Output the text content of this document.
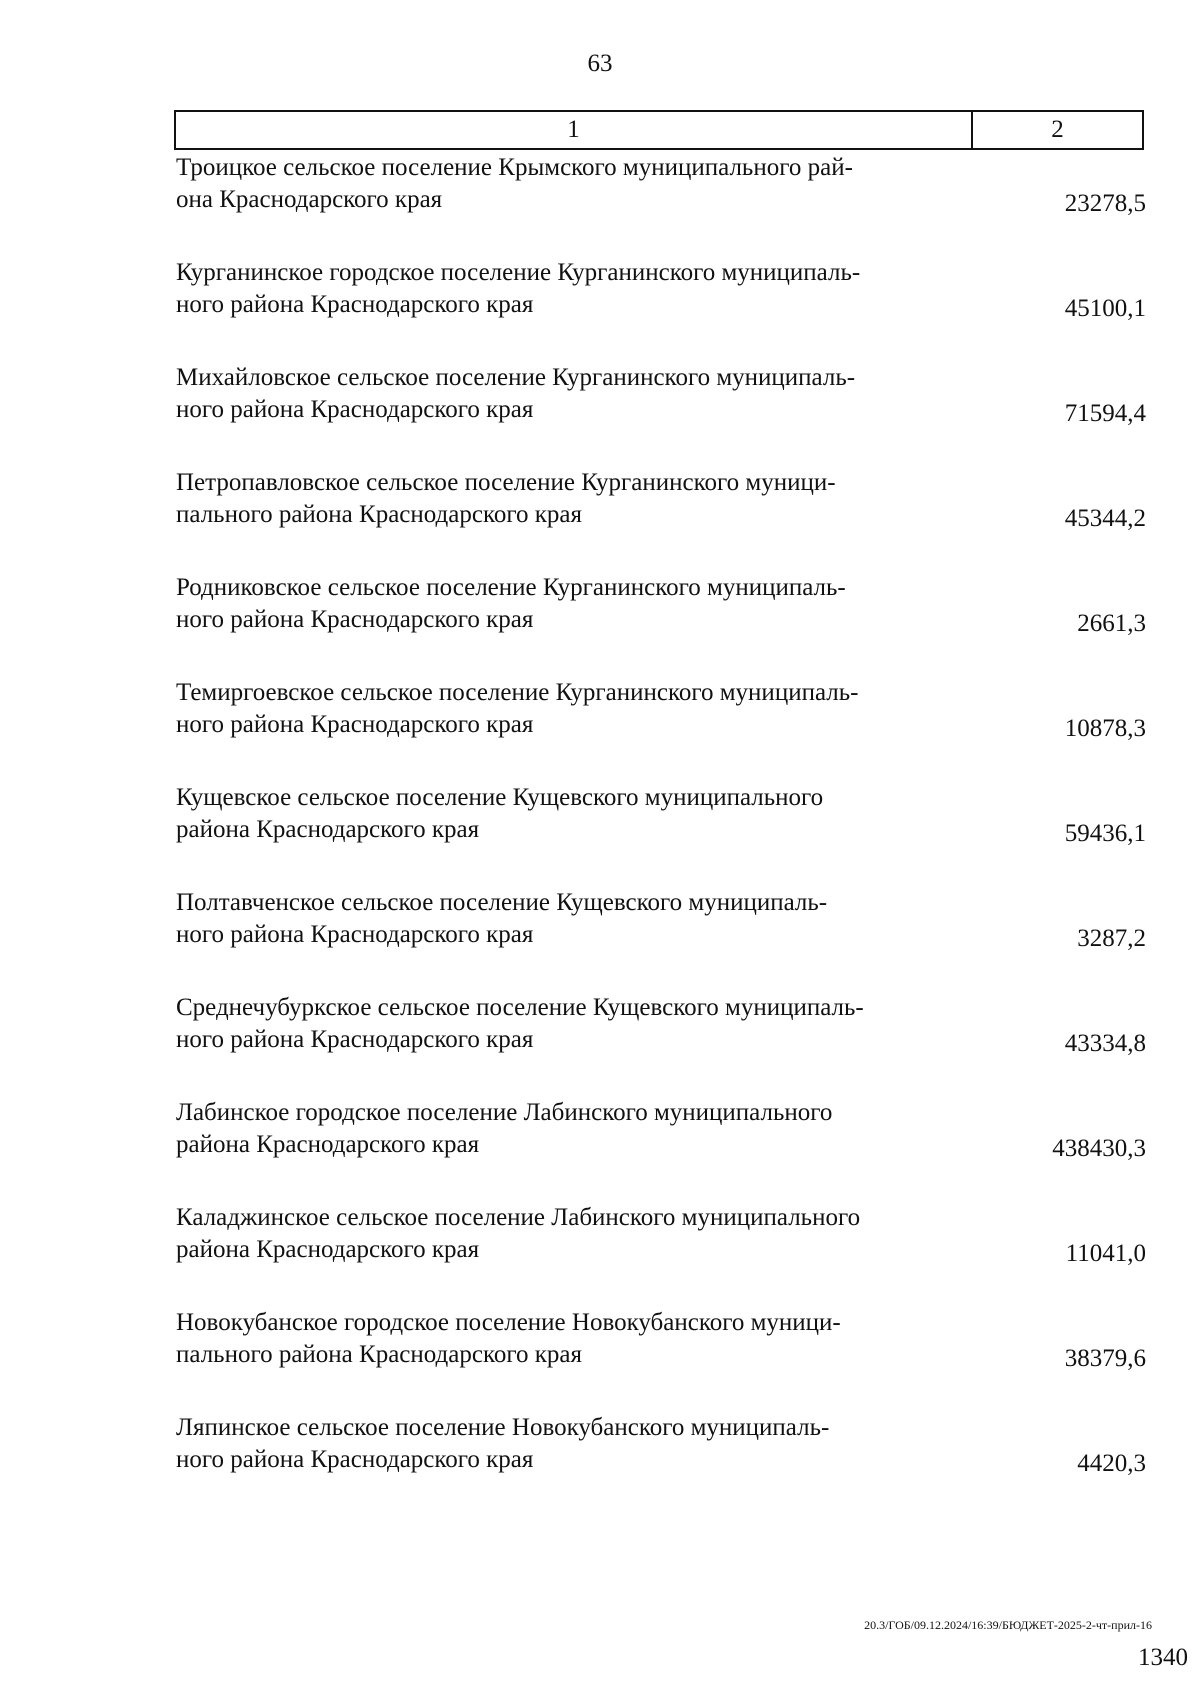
63
1	2
Троицкое сельское поселение Крымского муниципального рай-
она Краснодарского края	23278,5
Курганинское городское поселение Курганинского муниципаль-
ного района Краснодарского края	45100,1
Михайловское сельское поселение Курганинского муниципаль-
ного района Краснодарского края	71594,4
Петропавловское сельское поселение Курганинского муници-
пального района Краснодарского края	45344,2
Родниковское сельское поселение Курганинского муниципаль-
ного района Краснодарского края	2661,3
Темиргоевское сельское поселение Курганинского муниципаль-
ного района Краснодарского края	10878,3
Кущевское сельское поселение Кущевского муниципального
района Краснодарского края	59436,1
Полтавченское сельское поселение Кущевского муниципаль-
ного района Краснодарского края	3287,2
Среднечубуркское сельское поселение Кущевского муниципаль-
ного района Краснодарского края	43334,8
Лабинское городское поселение Лабинского муниципального
района Краснодарского края	438430,3
Каладжинское сельское поселение Лабинского муниципального
района Краснодарского края	11041,0
Новокубанское городское поселение Новокубанского муници-
пального района Краснодарского края	38379,6
Ляпинское сельское поселение Новокубанского муниципаль-
ного района Краснодарского края	4420,3
20.3/ГОБ/09.12.2024/16:39/БЮДЖЕТ-2025-2-чт-прил-16
1340
